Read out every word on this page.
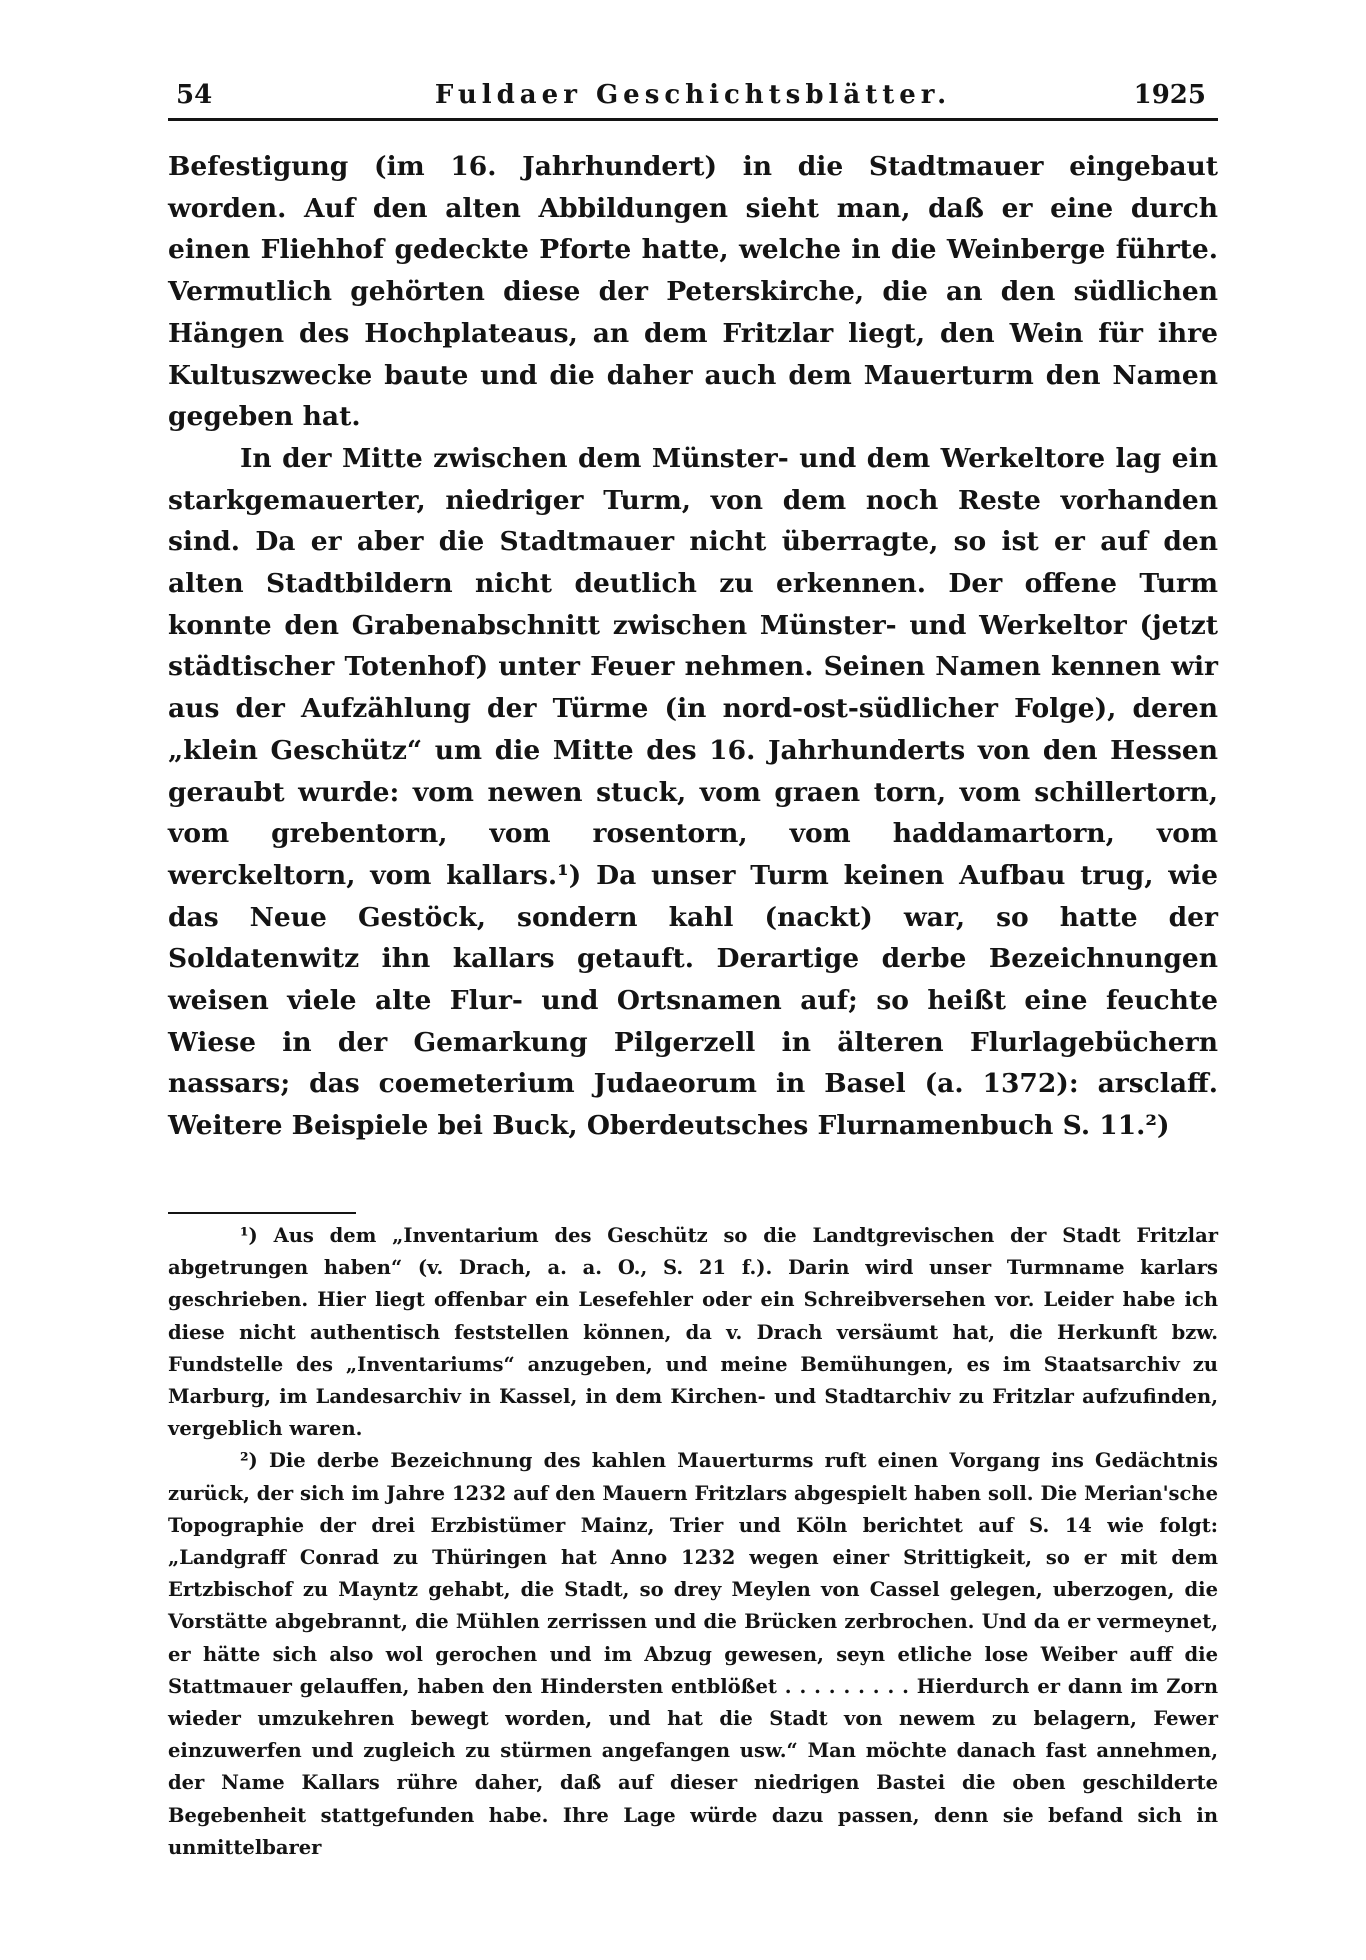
54	Fuldaer Geschichtsblätter.	1925

Befestigung (im 16. Jahrhundert) in die Stadtmauer eingebaut worden. Auf den alten Abbildungen sieht man, daß er eine durch einen Fliehhof gedeckte Pforte hatte, welche in die Weinberge führte. Vermutlich gehörten diese der Peterskirche, die an den südlichen Hängen des Hochplateaus, an dem Fritzlar liegt, den Wein für ihre Kultuszwecke baute und die daher auch dem Mauerturm den Namen gegeben hat.

In der Mitte zwischen dem Münster- und dem Werkeltore lag ein starkgemauerter, niedriger Turm, von dem noch Reste vorhanden sind. Da er aber die Stadtmauer nicht überragte, so ist er auf den alten Stadtbildern nicht deutlich zu erkennen. Der offene Turm konnte den Grabenabschnitt zwischen Münster- und Werkeltor (jetzt städtischer Totenhof) unter Feuer nehmen. Seinen Namen kennen wir aus der Aufzählung der Türme (in nord-ost-südlicher Folge), deren „klein Geschütz“ um die Mitte des 16. Jahrhunderts von den Hessen geraubt wurde: vom newen stuck, vom graen torn, vom schillertorn, vom grebentorn, vom rosentorn, vom haddamartorn, vom werckeltorn, vom kallars.¹) Da unser Turm keinen Aufbau trug, wie das Neue Gestöck, sondern kahl (nackt) war, so hatte der Soldatenwitz ihn kallars getauft. Derartige derbe Bezeichnungen weisen viele alte Flur- und Ortsnamen auf; so heißt eine feuchte Wiese in der Gemarkung Pilgerzell in älteren Flurlagebüchern nassars; das coemeterium Judaeorum in Basel (a. 1372): arsclaff. Weitere Beispiele bei Buck, Oberdeutsches Flurnamenbuch S. 11.²)

¹) Aus dem „Inventarium des Geschütz so die Landtgrevischen der Stadt Fritzlar abgetrungen haben“ (v. Drach, a. a. O., S. 21 f.). Darin wird unser Turmname karlars geschrieben. Hier liegt offenbar ein Lesefehler oder ein Schreibversehen vor. Leider habe ich diese nicht authentisch feststellen können, da v. Drach versäumt hat, die Herkunft bzw. Fundstelle des „Inventariums“ anzugeben, und meine Bemühungen, es im Staatsarchiv zu Marburg, im Landesarchiv in Kassel, in dem Kirchen- und Stadtarchiv zu Fritzlar aufzufinden, vergeblich waren.

²) Die derbe Bezeichnung des kahlen Mauerturms ruft einen Vorgang ins Gedächtnis zurück, der sich im Jahre 1232 auf den Mauern Fritzlars abgespielt haben soll. Die Merian'sche Topographie der drei Erzbistümer Mainz, Trier und Köln berichtet auf S. 14 wie folgt: „Landgraff Conrad zu Thüringen hat Anno 1232 wegen einer Strittigkeit, so er mit dem Ertzbischof zu Mayntz gehabt, die Stadt, so drey Meylen von Cassel gelegen, uberzogen, die Vorstätte abgebrannt, die Mühlen zerrissen und die Brücken zerbrochen. Und da er vermeynet, er hätte sich also wol gerochen und im Abzug gewesen, seyn etliche lose Weiber auff die Stattmauer gelauffen, haben den Hindersten entblößet . . . . . . . . . Hierdurch er dann im Zorn wieder umzukehren bewegt worden, und hat die Stadt von newem zu belagern, Fewer einzuwerfen und zugleich zu stürmen angefangen usw.“ Man möchte danach fast annehmen, der Name Kallars rühre daher, daß auf dieser niedrigen Bastei die oben geschilderte Begebenheit stattgefunden habe. Ihre Lage würde dazu passen, denn sie befand sich in unmittelbarer
